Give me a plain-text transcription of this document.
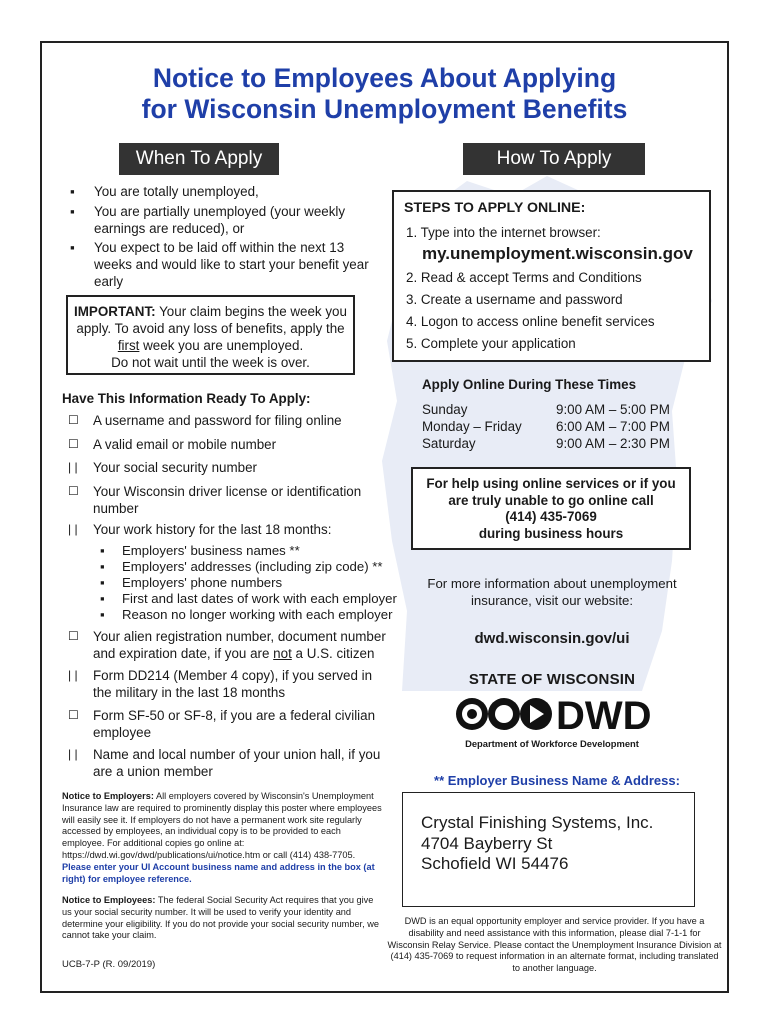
Notice to Employees About Applying
for Wisconsin Unemployment Benefits
When To Apply
▪ You are totally unemployed,
▪ You are partially unemployed (your weekly earnings are reduced), or
▪ You expect to be laid off within the next 13 weeks and would like to start your benefit year early
IMPORTANT: Your claim begins the week you apply. To avoid any loss of benefits, apply the first week you are unemployed.
Do not wait until the week is over.
Have This Information Ready To Apply:
☐ A username and password for filing online
☐ A valid email or mobile number
| |	Your social security number
☐ Your Wisconsin driver license or identification number
| |	Your work history for the last 18 months:
▪ Employers' business names **
▪ Employers' addresses (including zip code) **
▪ Employers' phone numbers
▪ First and last dates of work with each employer
▪ Reason no longer working with each employer
☐ Your alien registration number, document number and expiration date, if you are not a U.S. citizen
| |	Form DD214 (Member 4 copy), if you served in the military in the last 18 months
☐ Form SF-50 or SF-8, if you are a federal civilian employee
| |	Name and local number of your union hall, if you are a union member
Notice to Employers: All employers covered by Wisconsin's Unemployment Insurance law are required to prominently display this poster where employees will easily see it. If employers do not have a permanent work site regularly accessed by employees, an individual copy is to be provided to each employee. For additional copies go online at: https://dwd.wi.gov/dwd/publications/ui/notice.htm or call (414) 438-7705. Please enter your UI Account business name and address in the box (at right) for employee reference.
Notice to Employees: The federal Social Security Act requires that you give us your social security number. It will be used to verify your identity and determine your eligibility. If you do not provide your social security number, we cannot take your claim.
UCB-7-P (R. 09/2019)
How To Apply
STEPS TO APPLY ONLINE:
1. Type into the internet browser:
my.unemployment.wisconsin.gov
2. Read & accept Terms and Conditions
3. Create a username and password
4. Logon to access online benefit services
5. Complete your application
Apply Online During These Times
Sunday	9:00 AM – 5:00 PM
Monday – Friday	6:00 AM – 7:00 PM
Saturday	9:00 AM – 2:30 PM
For help using online services or if you are truly unable to go online call
(414) 435-7069
during business hours
For more information about unemployment insurance, visit our website:
dwd.wisconsin.gov/ui
STATE OF WISCONSIN
DWD
Department of Workforce Development
** Employer Business Name & Address:
Crystal Finishing Systems, Inc.
4704 Bayberry St
Schofield WI 54476
DWD is an equal opportunity employer and service provider. If you have a disability and need assistance with this information, please dial 7-1-1 for Wisconsin Relay Service. Please contact the Unemployment Insurance Division at (414) 435-7069 to request information in an alternate format, including translated to another language.
